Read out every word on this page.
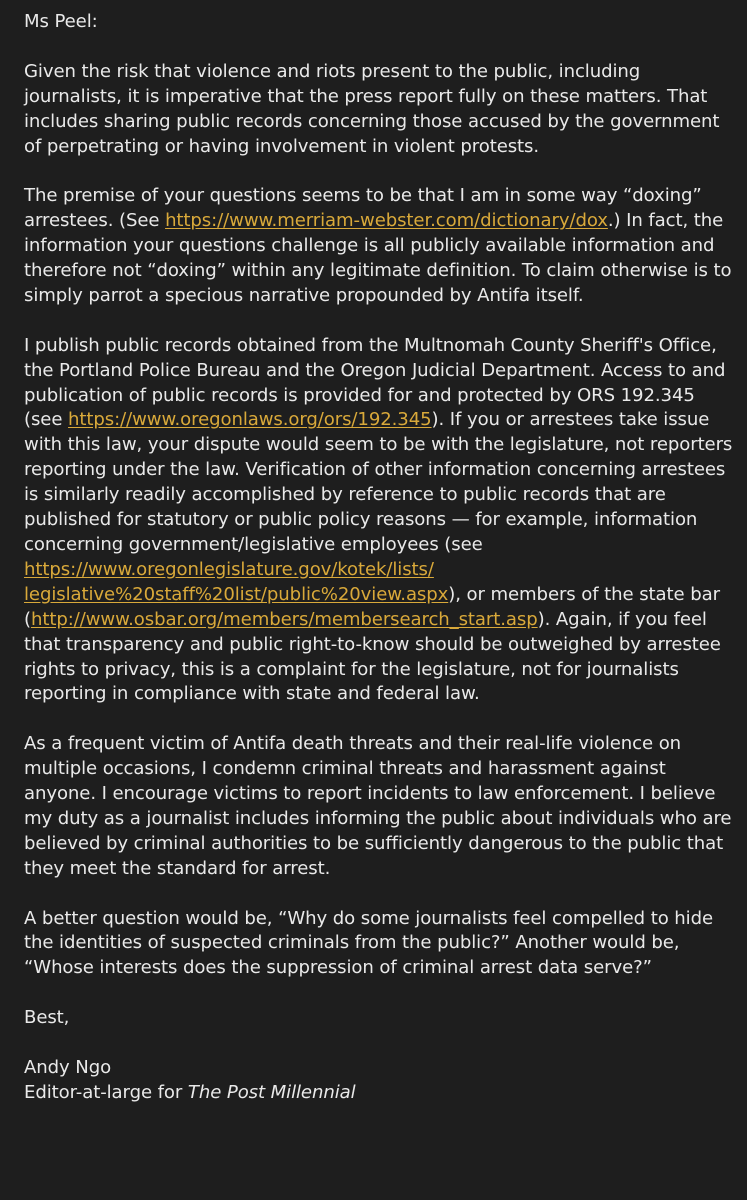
Ms Peel:

Given the risk that violence and riots present to the public, including journalists, it is imperative that the press report fully on these matters. That includes sharing public records concerning those accused by the government of perpetrating or having involvement in violent protests.

The premise of your questions seems to be that I am in some way “doxing” arrestees. (See https://www.merriam-webster.com/dictionary/dox.) In fact, the information your questions challenge is all publicly available information and therefore not “doxing” within any legitimate definition. To claim otherwise is to simply parrot a specious narrative propounded by Antifa itself.

I publish public records obtained from the Multnomah County Sheriff's Office, the Portland Police Bureau and the Oregon Judicial Department. Access to and publication of public records is provided for and protected by ORS 192.345 (see https://www.oregonlaws.org/ors/192.345). If you or arrestees take issue with this law, your dispute would seem to be with the legislature, not reporters reporting under the law. Verification of other information concerning arrestees is similarly readily accomplished by reference to public records that are published for statutory or public policy reasons — for example, information concerning government/legislative employees (see https://www.oregonlegislature.gov/kotek/lists/
legislative%20staff%20list/public%20view.aspx), or members of the state bar (http://www.osbar.org/members/membersearch_start.asp). Again, if you feel that transparency and public right-to-know should be outweighed by arrestee rights to privacy, this is a complaint for the legislature, not for journalists reporting in compliance with state and federal law.

As a frequent victim of Antifa death threats and their real-life violence on multiple occasions, I condemn criminal threats and harassment against anyone. I encourage victims to report incidents to law enforcement. I believe my duty as a journalist includes informing the public about individuals who are believed by criminal authorities to be sufficiently dangerous to the public that they meet the standard for arrest.

A better question would be, “Why do some journalists feel compelled to hide the identities of suspected criminals from the public?” Another would be, “Whose interests does the suppression of criminal arrest data serve?”

Best,

Andy Ngo

Editor-at-large for The Post Millennial
